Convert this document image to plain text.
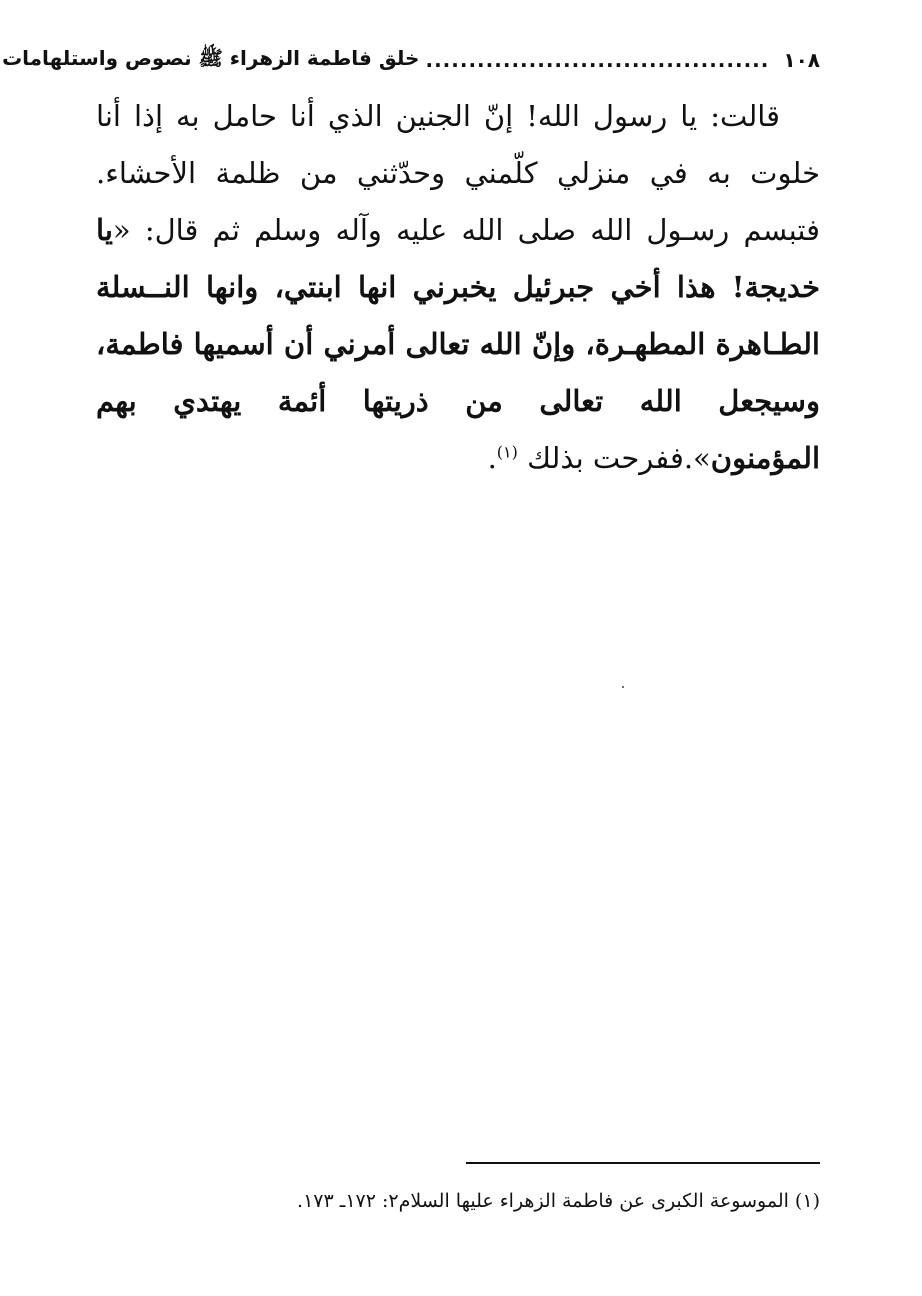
١٠٨
........................................
خلق فاطمة الزهراء ﷺ نصوص واستلهامات

قالت: يا رسول الله! إنّ الجنين الذي أنا حامل به إذا أنا خلوت به في منزلي كلّمني وحدّثني من ظلمة الأحشاء. فتبسم رسـول الله صلى الله عليه وآله وسلم ثم قال: «يا خديجة! هذا أخي جبرئيل يخبرني انها ابنتي، وانها النــسلة الطـاهرة المطهـرة، وإنّ الله تعالى أمرني أن أسميها فاطمة، وسيجعل الله تعالى من ذريتها أئمة يهتدي بهم المؤمنون».ففرحت بذلك $^{(١)}$.

(١) الموسوعة الكبرى عن فاطمة الزهراء عليها السلام٢: ١٧٢ـ ١٧٣.
